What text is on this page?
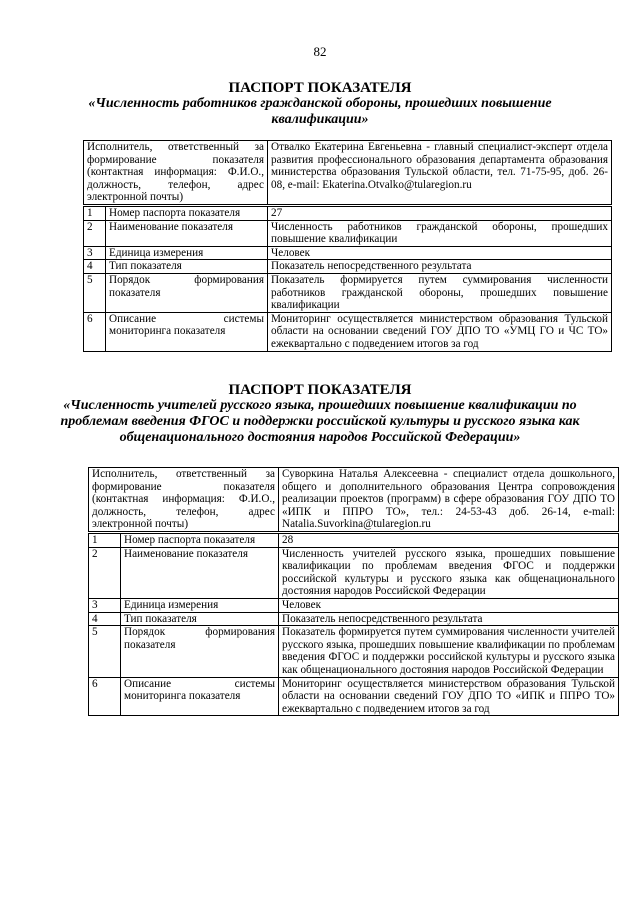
82
ПАСПОРТ ПОКАЗАТЕЛЯ
«Численность работников гражданской обороны, прошедших повышение квалификации»
Исполнитель, ответственный за формирование показателя (контактная информация: Ф.И.О., должность, телефон, адрес электронной почты)		Отвалко Екатерина Евгеньевна - главный специалист-эксперт отдела развития профессионального образования департамента образования министерства образования Тульской области, тел. 71-75-95, доб. 26-08, e-mail: Ekaterina.Otvalko@tularegion.ru
1	Номер паспорта показателя	27
2	Наименование показателя	Численность работников гражданской обороны, прошедших повышение квалификации
3	Единица измерения	Человек
4	Тип показателя	Показатель непосредственного результата
5	Порядок формирования показателя	Показатель формируется путем суммирования численности работников гражданской обороны, прошедших повышение квалификации
6	Описание системы мониторинга показателя	Мониторинг осуществляется министерством образования Тульской области на основании сведений ГОУ ДПО ТО «УМЦ ГО и ЧС ТО» ежеквартально с подведением итогов за год
ПАСПОРТ ПОКАЗАТЕЛЯ
«Численность учителей русского языка, прошедших повышение квалификации по проблемам введения ФГОС и поддержки российской культуры и русского языка как общенационального достояния народов Российской Федерации»
Исполнитель, ответственный за формирование показателя (контактная информация: Ф.И.О., должность, телефон, адрес электронной почты)		Суворкина Наталья Алексеевна - специалист отдела дошкольного, общего и дополнительного образования Центра сопровождения реализации проектов (программ) в сфере образования ГОУ ДПО ТО «ИПК и ППРО ТО», тел.: 24-53-43 доб. 26-14, e-mail: Natalia.Suvorkina@tularegion.ru
1	Номер паспорта показателя	28
2	Наименование показателя	Численность учителей русского языка, прошедших повышение квалификации по проблемам введения ФГОС и поддержки российской культуры и русского языка как общенационального достояния народов Российской Федерации
3	Единица измерения	Человек
4	Тип показателя	Показатель непосредственного результата
5	Порядок формирования показателя	Показатель формируется путем суммирования численности учителей русского языка, прошедших повышение квалификации по проблемам введения ФГОС и поддержки российской культуры и русского языка как общенационального достояния народов Российской Федерации
6	Описание системы мониторинга показателя	Мониторинг осуществляется министерством образования Тульской области на основании сведений ГОУ ДПО ТО «ИПК и ППРО ТО» ежеквартально с подведением итогов за год
